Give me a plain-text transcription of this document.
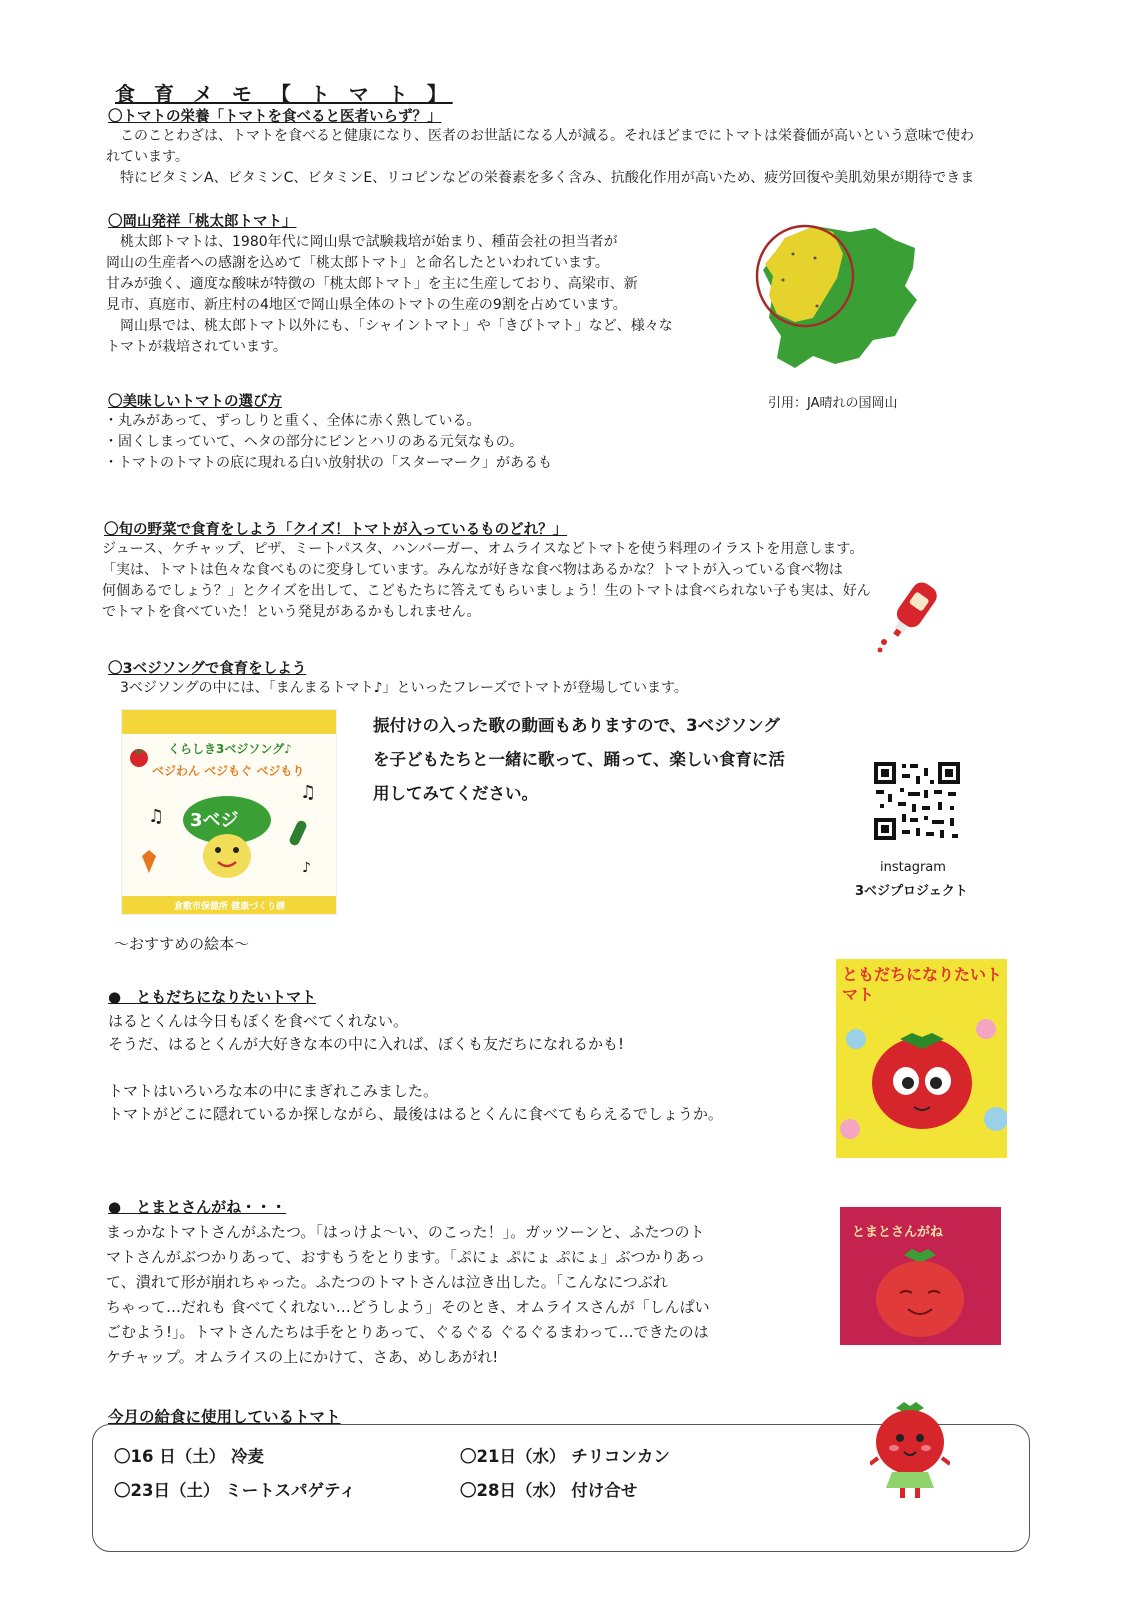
食 育 メ モ 【 ト マ ト 】
〇トマトの栄養「トマトを食べると医者いらず？」
　このことわざは、トマトを食べると健康になり、医者のお世話になる人が減る。それほどまでにトマトは栄養価が高いという意味で使わ
れています。
　特にビタミンA、ビタミンC、ビタミンE、リコピンなどの栄養素を多く含み、抗酸化作用が高いため、疲労回復や美肌効果が期待できま
〇岡山発祥「桃太郎トマト」
　桃太郎トマトは、1980年代に岡山県で試験栽培が始まり、種苗会社の担当者が
岡山の生産者への感謝を込めて「桃太郎トマト」と命名したといわれています。
甘みが強く、適度な酸味が特徴の「桃太郎トマト」を主に生産しており、高梁市、新
見市、真庭市、新庄村の4地区で岡山県全体のトマトの生産の9割を占めています。
　岡山県では、桃太郎トマト以外にも、「シャイントマト」や「きびトマト」など、様々な
トマトが栽培されています。
引用：JA晴れの国岡山
〇美味しいトマトの選び方
・丸みがあって、ずっしりと重く、全体に赤く熟している。
・固くしまっていて、ヘタの部分にピンとハリのある元気なもの。
・トマトのトマトの底に現れる白い放射状の「スターマーク」があるも
〇旬の野菜で食育をしよう「クイズ！トマトが入っているものどれ？」
ジュース、ケチャップ、ピザ、ミートパスタ、ハンバーガー、オムライスなどトマトを使う料理のイラストを用意します。
「実は、トマトは色々な食べものに変身しています。みんなが好きな食べ物はあるかな？トマトが入っている食べ物は
何個あるでしょう？」とクイズを出して、こどもたちに答えてもらいましょう！生のトマトは食べられない子も実は、好ん
でトマトを食べていた！という発見があるかもしれません。
〇3ベジソングで食育をしよう
　3ベジソングの中には、「まんまるトマト♪」といったフレーズでトマトが登場しています。
くらしき3ベジソング♪
ベジわん ベジもぐ ベジもり
3ベジ
♫
♫
♪
倉敷市保健所 健康づくり課
振付けの入った歌の動画もありますので、3ベジソング
を子どもたちと一緒に歌って、踊って、楽しい食育に活
用してみてください。
instagram
3ベジプロジェクト
～おすすめの絵本～
●　ともだちになりたいトマト
はるとくんは今日もぼくを食べてくれない。
そうだ、はるとくんが大好きな本の中に入れば、ぼくも友だちになれるかも!
トマトはいろいろな本の中にまぎれこみました。
トマトがどこに隠れているか探しながら、最後ははるとくんに食べてもらえるでしょうか。
ともだちになりたいトマト
●　とまとさんがね・・・
まっかなトマトさんがふたつ。「はっけよ～い、のこった！」。ガッツーンと、ふたつのト
マトさんがぶつかりあって、おすもうをとります。「ぷにょ ぷにょ ぷにょ」ぶつかりあっ
て、潰れて形が崩れちゃった。ふたつのトマトさんは泣き出した。「こんなにつぶれ
ちゃって…だれも 食べてくれない…どうしよう」そのとき、オムライスさんが「しんぱい
ごむよう!」。トマトさんたちは手をとりあって、ぐるぐる ぐるぐるまわって…できたのは
ケチャップ。オムライスの上にかけて、さあ、めしあがれ!
とまとさんがね
今月の給食に使用しているトマト
〇16 日（土） 冷麦	〇21日（水） チリコンカン
〇23日（土） ミートスパゲティ	〇28日（水） 付け合せ
